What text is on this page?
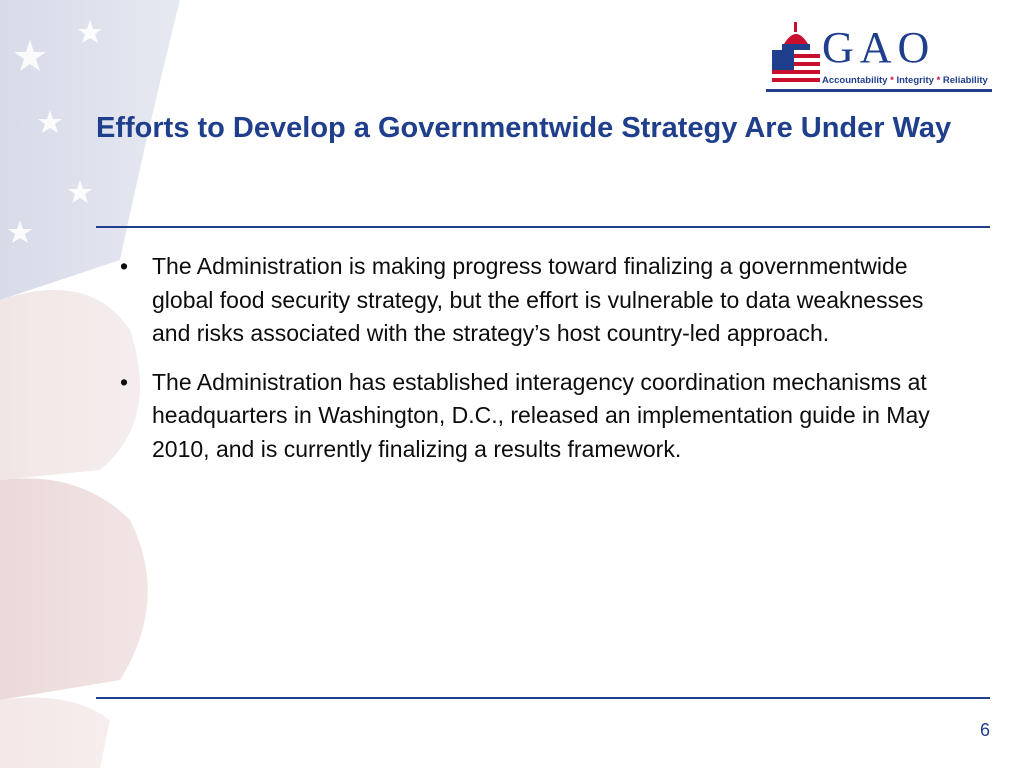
GAO
Accountability * Integrity * Reliability
Efforts to Develop a Governmentwide Strategy Are Under Way
• The Administration is making progress toward finalizing a governmentwide global food security strategy, but the effort is vulnerable to data weaknesses and risks associated with the strategy’s host country-led approach.
• The Administration has established interagency coordination mechanisms at headquarters in Washington, D.C., released an implementation guide in May 2010, and is currently finalizing a results framework.
6
